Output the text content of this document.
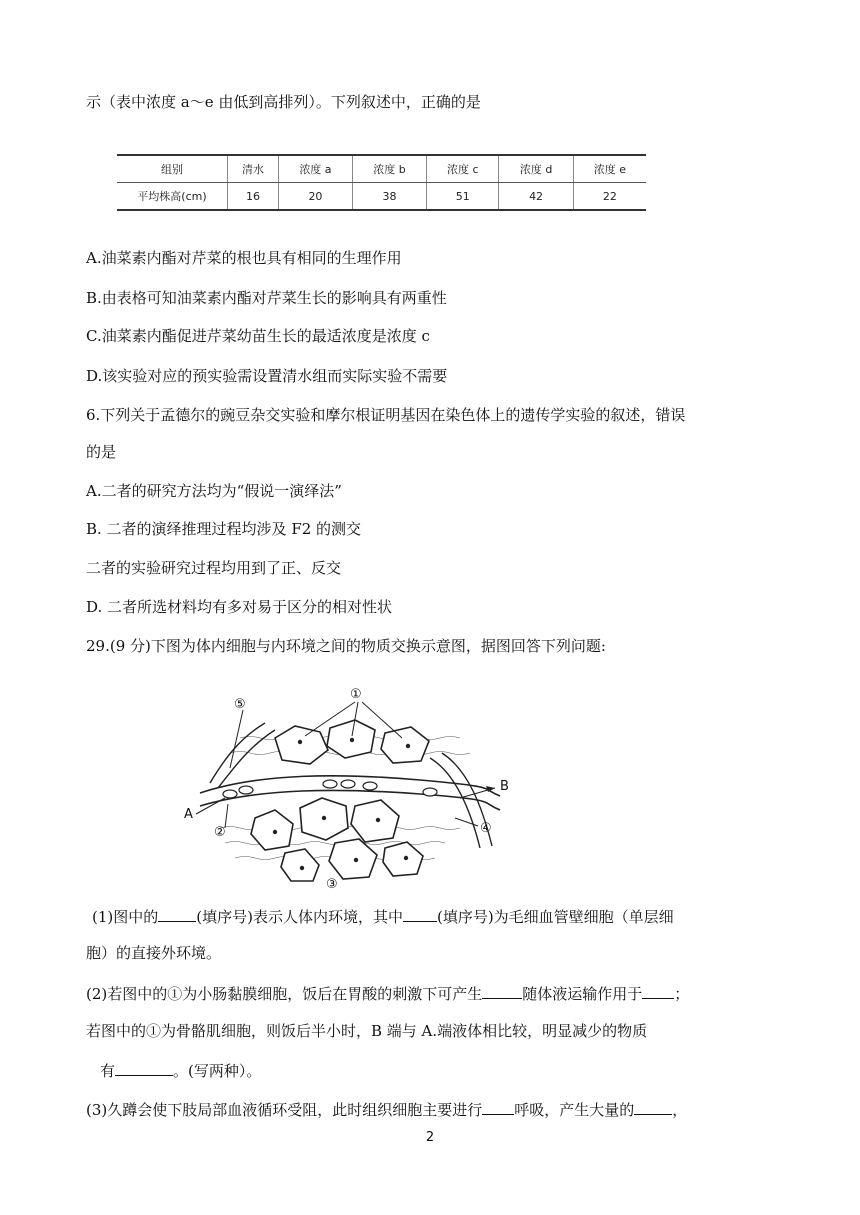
示（表中浓度 a～e 由低到高排列）。下列叙述中，正确的是
组别	清水	浓度 a	浓度 b	浓度 c	浓度 d	浓度 e
平均株高(cm)	16	20	38	51	42	22
A.油菜素内酯对芹菜的根也具有相同的生理作用
B.由表格可知油菜素内酯对芹菜生长的影响具有两重性
C.油菜素内酯促进芹菜幼苗生长的最适浓度是浓度 c
D.该实验对应的预实验需设置清水组而实际实验不需要
6.下列关于孟德尔的豌豆杂交实验和摩尔根证明基因在染色体上的遗传学实验的叙述，错误
的是
A.二者的研究方法均为“假说一演绎法”
B. 二者的演绎推理过程均涉及 F2 的测交
二者的实验研究过程均用到了正、反交
D. 二者所选材料均有多对易于区分的相对性状
29.(9 分)下图为体内细胞与内环境之间的物质交换示意图，据图回答下列问题:
①
⑤
A
②
B
④
③
(1)图中的	(填序号)表示人体内环境，其中 (填序号)为毛细血管壁细胞（单层细
胞）的直接外环境。
(2)若图中的①为小肠黏膜细胞，饭后在胃酸的刺激下可产生	随体液运输作用于 ；
若图中的①为骨骼肌细胞，则饭后半小时，B 端与 A.端液体相比较，明显减少的物质
有	。(写两种）。
(3)久蹲会使下肢局部血液循环受阻，此时组织细胞主要进行 呼吸，产生大量的	，
2
